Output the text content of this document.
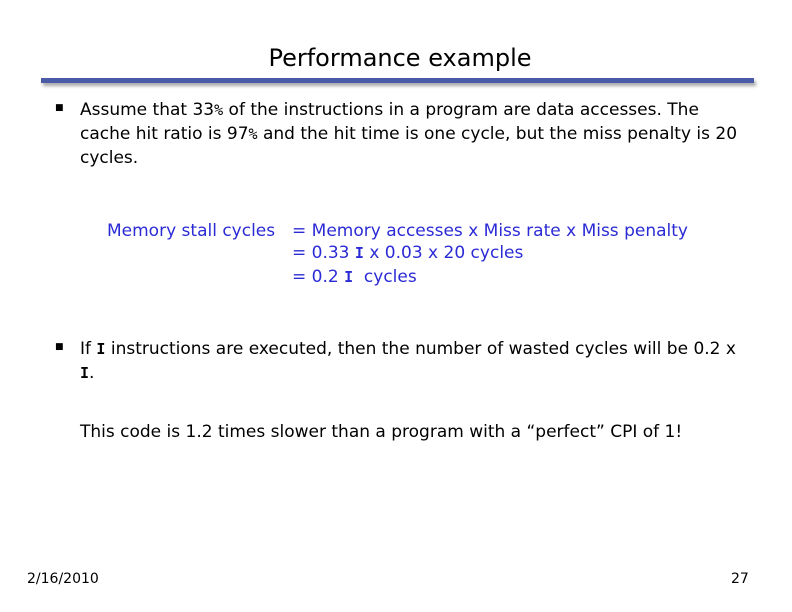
Performance example
■ Assume that 33% of the instructions in a program are data accesses. The cache hit ratio is 97% and the hit time is one cycle, but the miss penalty is 20 cycles.
Memory stall cycles = Memory accesses x Miss rate x Miss penalty
= 0.33 I x 0.03 x 20 cycles
= 0.2 I  cycles
■ If I instructions are executed, then the number of wasted cycles will be 0.2 x I.
This code is 1.2 times slower than a program with a “perfect” CPI of 1!
2/16/2010	27
